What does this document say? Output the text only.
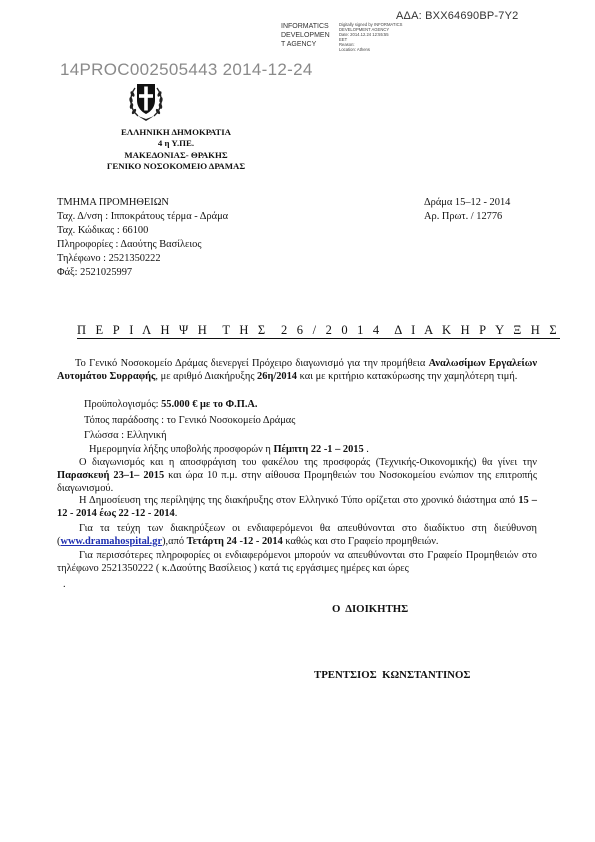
ΑΔΑ: ΒΧΧ64690ΒΡ-7Υ2
INFORMATICS
DEVELOPMEN
T AGENCY
Digitally signed by INFORMATICS
DEVELOPMENT AGENCY
Date: 2014.12.24 12:55:55
EET
Reason:
Location: Athens
14PROC002505443 2014-12-24
ΕΛΛΗΝΙΚΗ ΔΗΜΟΚΡΑΤΙΑ
4 η Υ.ΠΕ.
ΜΑΚΕΔΟΝΙΑΣ- ΘΡΑΚΗΣ
ΓΕΝΙΚΟ ΝΟΣΟΚΟΜΕΙΟ ΔΡΑΜΑΣ
ΤΜΗΜΑ ΠΡΟΜΗΘΕΙΩΝ
Ταχ. Δ/νση : Ιπποκράτους τέρμα - Δράμα
Ταχ. Κώδικας : 66100
Πληροφορίες : Δαούτης Βασίλειος
Τηλέφωνο : 2521350222
Φάξ: 2521025997
Δράμα 15–12 - 2014
Αρ. Πρωτ. / 12776
Π Ε Ρ Ι Λ Η Ψ Η  Τ Η Σ  2 6 / 2 0 1 4  Δ Ι Α Κ Η Ρ Υ Ξ Η Σ
Το Γενικό Νοσοκομείο Δράμας διενεργεί Πρόχειρο διαγωνισμό για την προμήθεια Αναλωσίμων Εργαλείων Αυτομάτου Συρραφής, με αριθμό Διακήρυξης 26η/2014 και με κριτήριο κατακύρωσης την χαμηλότερη τιμή.
Προϋπολογισμός: 55.000 € με το Φ.Π.Α.
Τόπος παράδοσης : το Γενικό Νοσοκομείο Δράμας
Γλώσσα : Ελληνική
Ημερομηνία λήξης υποβολής προσφορών η Πέμπτη 22 -1 – 2015 .
Ο διαγωνισμός και η αποσφράγιση του φακέλου της προσφοράς (Τεχνικής-Οικονομικής) θα γίνει την Παρασκευή 23–1– 2015 και ώρα 10 π.μ. στην αίθουσα Προμηθειών του Νοσοκομείου ενώπιον της επιτροπής διαγωνισμού.
Η Δημοσίευση της περίληψης της διακήρυξης στον Ελληνικό Τύπο ορίζεται στο χρονικό διάστημα από 15 – 12 - 2014 έως 22 -12 - 2014.
Για τα τεύχη των διακηρύξεων οι ενδιαφερόμενοι θα απευθύνονται στο διαδίκτυο στη διεύθυνση (www.dramahospital.gr),από Τετάρτη 24 -12 - 2014 καθώς και στο Γραφείο προμηθειών.
Για περισσότερες πληροφορίες οι ενδιαφερόμενοι μπορούν να απευθύνονται στο Γραφείο Προμηθειών στο τηλέφωνο 2521350222 ( κ.Δαούτης Βασίλειος ) κατά τις εργάσιμες ημέρες και ώρες
.
Ο  ΔΙΟΙΚΗΤΗΣ
ΤΡΕΝΤΣΙΟΣ  ΚΩΝΣΤΑΝΤΙΝΟΣ
